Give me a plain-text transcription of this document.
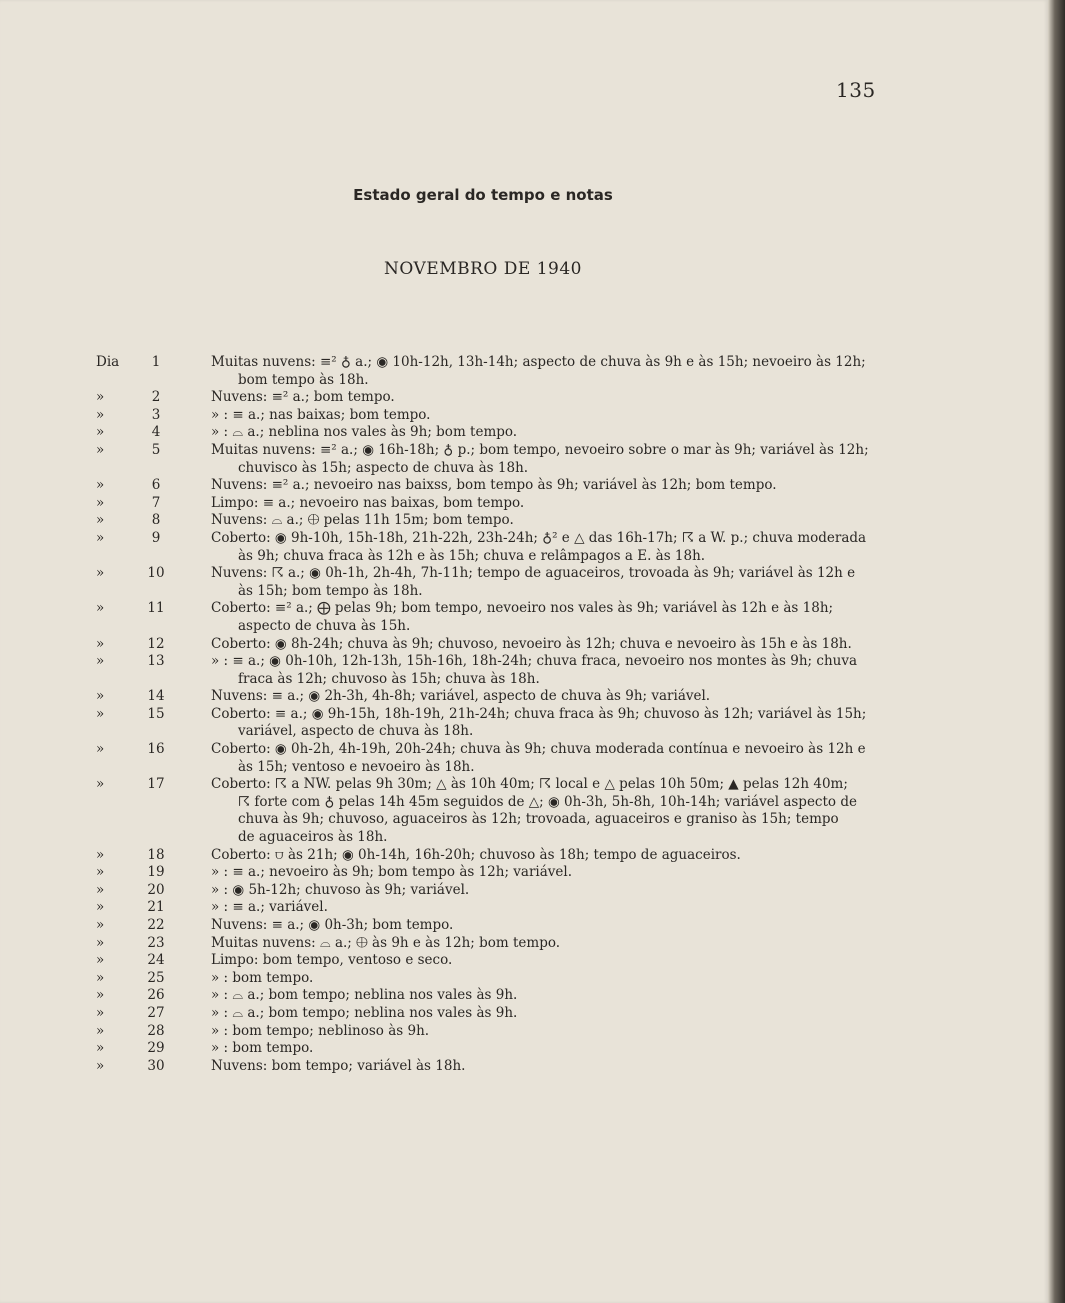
135
Estado geral do tempo e notas
NOVEMBRO DE 1940
Dia	1	Muitas nuvens: ≡² ♁ a.; ◉ 10h-12h, 13h-14h; aspecto de chuva às 9h e às 15h; nevoeiro às 12h;
bom tempo às 18h.
»	2	Nuvens: ≡² a.; bom tempo.
»	3	» : ≡ a.; nas baixas; bom tempo.
»	4	» : ⌓ a.; neblina nos vales às 9h; bom tempo.
»	5	Muitas nuvens: ≡² a.; ◉ 16h-18h; ♁ p.; bom tempo, nevoeiro sobre o mar às 9h; variável às 12h;
chuvisco às 15h; aspecto de chuva às 18h.
»	6	Nuvens: ≡² a.; nevoeiro nas baixss, bom tempo às 9h; variável às 12h; bom tempo.
»	7	Limpo: ≡ a.; nevoeiro nas baixas, bom tempo.
»	8	Nuvens: ⌓ a.; ⨁ pelas 11h 15m; bom tempo.
»	9	Coberto: ◉ 9h-10h, 15h-18h, 21h-22h, 23h-24h; ♁² e △ das 16h-17h; ☈ a W. p.; chuva moderada
às 9h; chuva fraca às 12h e às 15h; chuva e relâmpagos a E. às 18h.
»	10	Nuvens: ☈ a.; ◉ 0h-1h, 2h-4h, 7h-11h; tempo de aguaceiros, trovoada às 9h; variável às 12h e
às 15h; bom tempo às 18h.
»	11	Coberto: ≡² a.; ⨁ pelas 9h; bom tempo, nevoeiro nos vales às 9h; variável às 12h e às 18h;
aspecto de chuva às 15h.
»	12	Coberto: ◉ 8h-24h; chuva às 9h; chuvoso, nevoeiro às 12h; chuva e nevoeiro às 15h e às 18h.
»	13	» : ≡ a.; ◉ 0h-10h, 12h-13h, 15h-16h, 18h-24h; chuva fraca, nevoeiro nos montes às 9h; chuva
fraca às 12h; chuvoso às 15h; chuva às 18h.
»	14	Nuvens: ≡ a.; ◉ 2h-3h, 4h-8h; variável, aspecto de chuva às 9h; variável.
»	15	Coberto: ≡ a.; ◉ 9h-15h, 18h-19h, 21h-24h; chuva fraca às 9h; chuvoso às 12h; variável às 15h;
variável, aspecto de chuva às 18h.
»	16	Coberto: ◉ 0h-2h, 4h-19h, 20h-24h; chuva às 9h; chuva moderada contínua e nevoeiro às 12h e
às 15h; ventoso e nevoeiro às 18h.
»	17	Coberto: ☈ a NW. pelas 9h 30m; △ às 10h 40m; ☈ local e △ pelas 10h 50m; ▲ pelas 12h 40m;
☈ forte com ♁ pelas 14h 45m seguidos de △; ◉ 0h-3h, 5h-8h, 10h-14h; variável aspecto de
chuva às 9h; chuvoso, aguaceiros às 12h; trovoada, aguaceiros e graniso às 15h; tempo
de aguaceiros às 18h.
»	18	Coberto: ⩌ às 21h; ◉ 0h-14h, 16h-20h; chuvoso às 18h; tempo de aguaceiros.
»	19	» : ≡ a.; nevoeiro às 9h; bom tempo às 12h; variável.
»	20	» : ◉ 5h-12h; chuvoso às 9h; variável.
»	21	» : ≡ a.; variável.
»	22	Nuvens: ≡ a.; ◉ 0h-3h; bom tempo.
»	23	Muitas nuvens: ⌓ a.; ⨁ às 9h e às 12h; bom tempo.
»	24	Limpo: bom tempo, ventoso e seco.
»	25	» : bom tempo.
»	26	» : ⌓ a.; bom tempo; neblina nos vales às 9h.
»	27	» : ⌓ a.; bom tempo; neblina nos vales às 9h.
»	28	» : bom tempo; neblinoso às 9h.
»	29	» : bom tempo.
»	30	Nuvens: bom tempo; variável às 18h.
